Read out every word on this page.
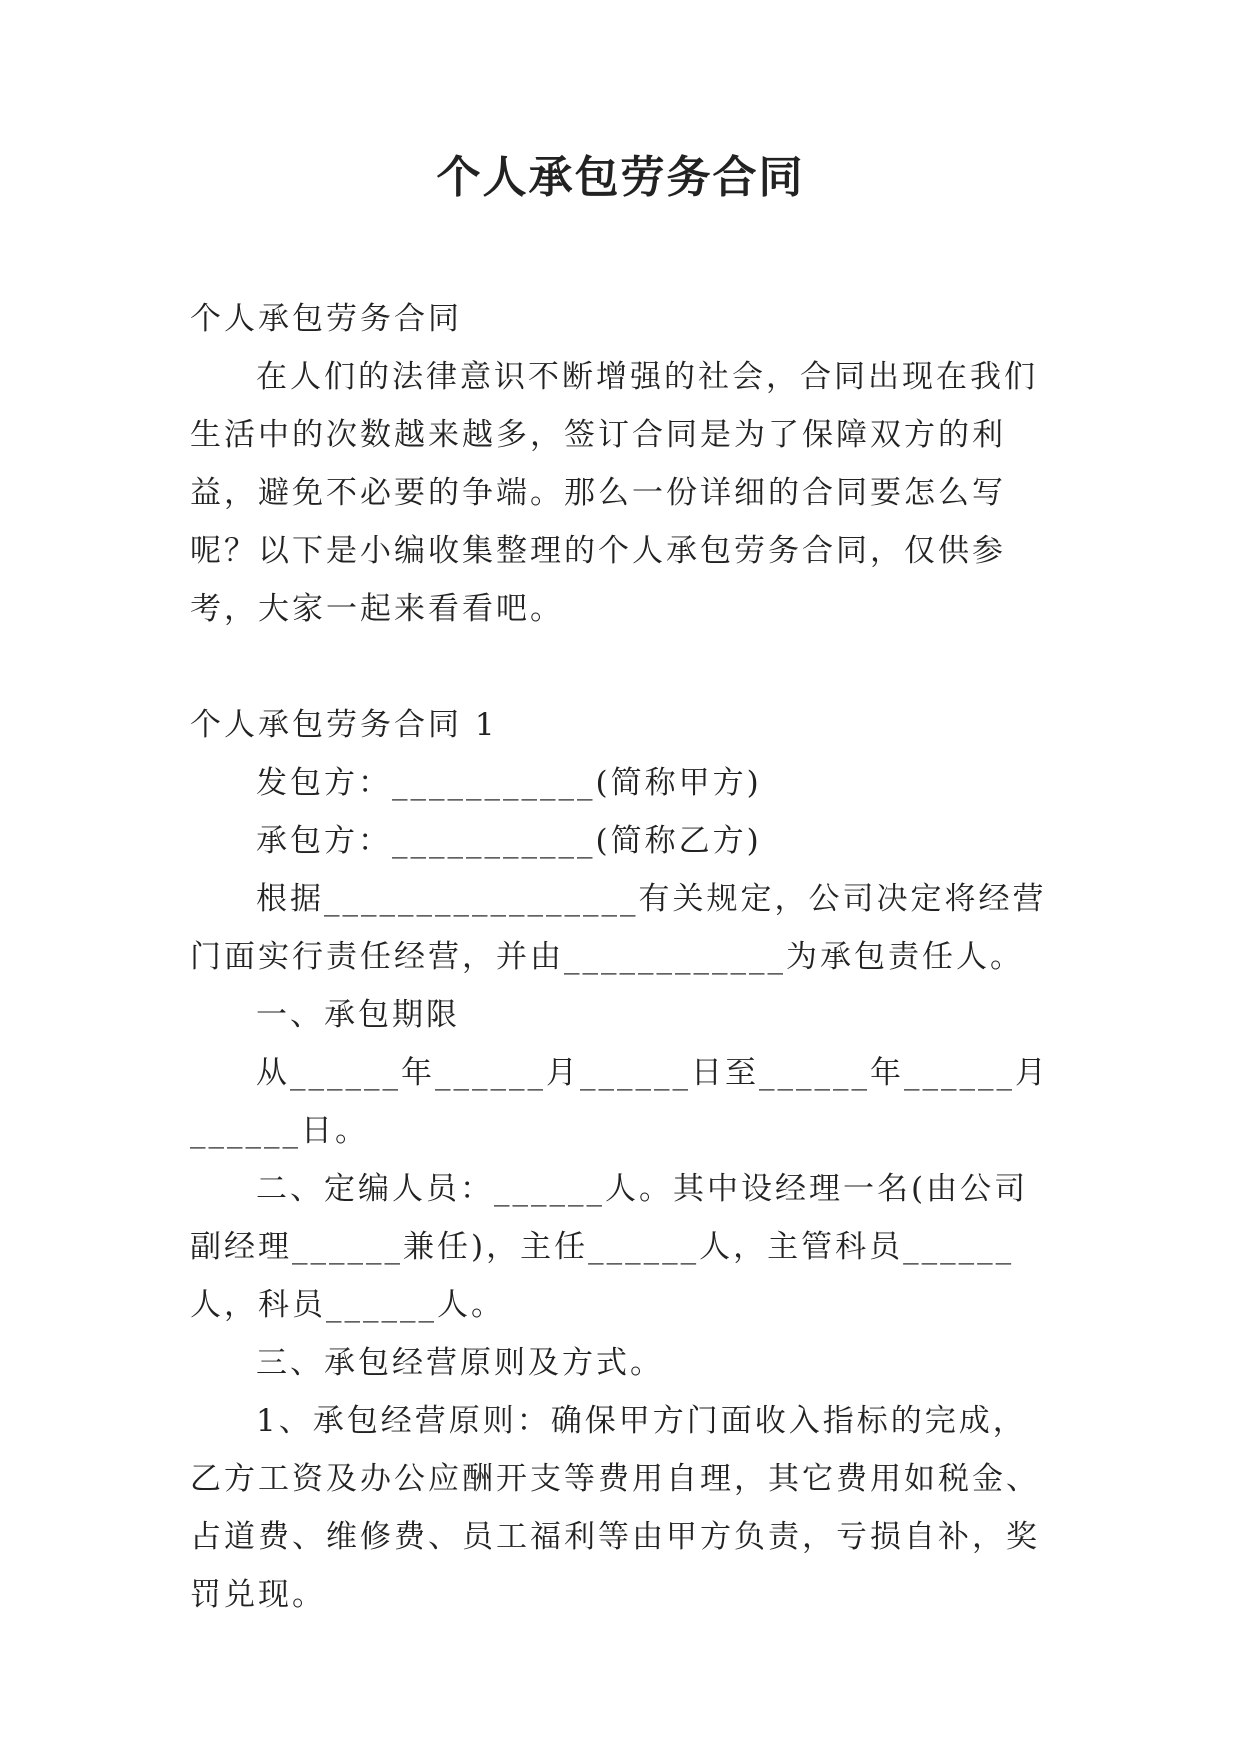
个人承包劳务合同

个人承包劳务合同

在人们的法律意识不断增强的社会，合同出现在我们生活中的次数越来越多，签订合同是为了保障双方的利益，避免不必要的争端。那么一份详细的合同要怎么写呢？以下是小编收集整理的个人承包劳务合同，仅供参考，大家一起来看看吧。

个人承包劳务合同 1

发包方：___________(简称甲方)

承包方：___________(简称乙方)

根据_________________有关规定，公司决定将经营门面实行责任经营，并由____________为承包责任人。

一、承包期限

从______年______月______日至______年______月______日。

二、定编人员：______人。其中设经理一名(由公司副经理______兼任)，主任______人，主管科员______人，科员______人。

三、承包经营原则及方式。

1、承包经营原则：确保甲方门面收入指标的完成，乙方工资及办公应酬开支等费用自理，其它费用如税金、占道费、维修费、员工福利等由甲方负责，亏损自补，奖罚兑现。
